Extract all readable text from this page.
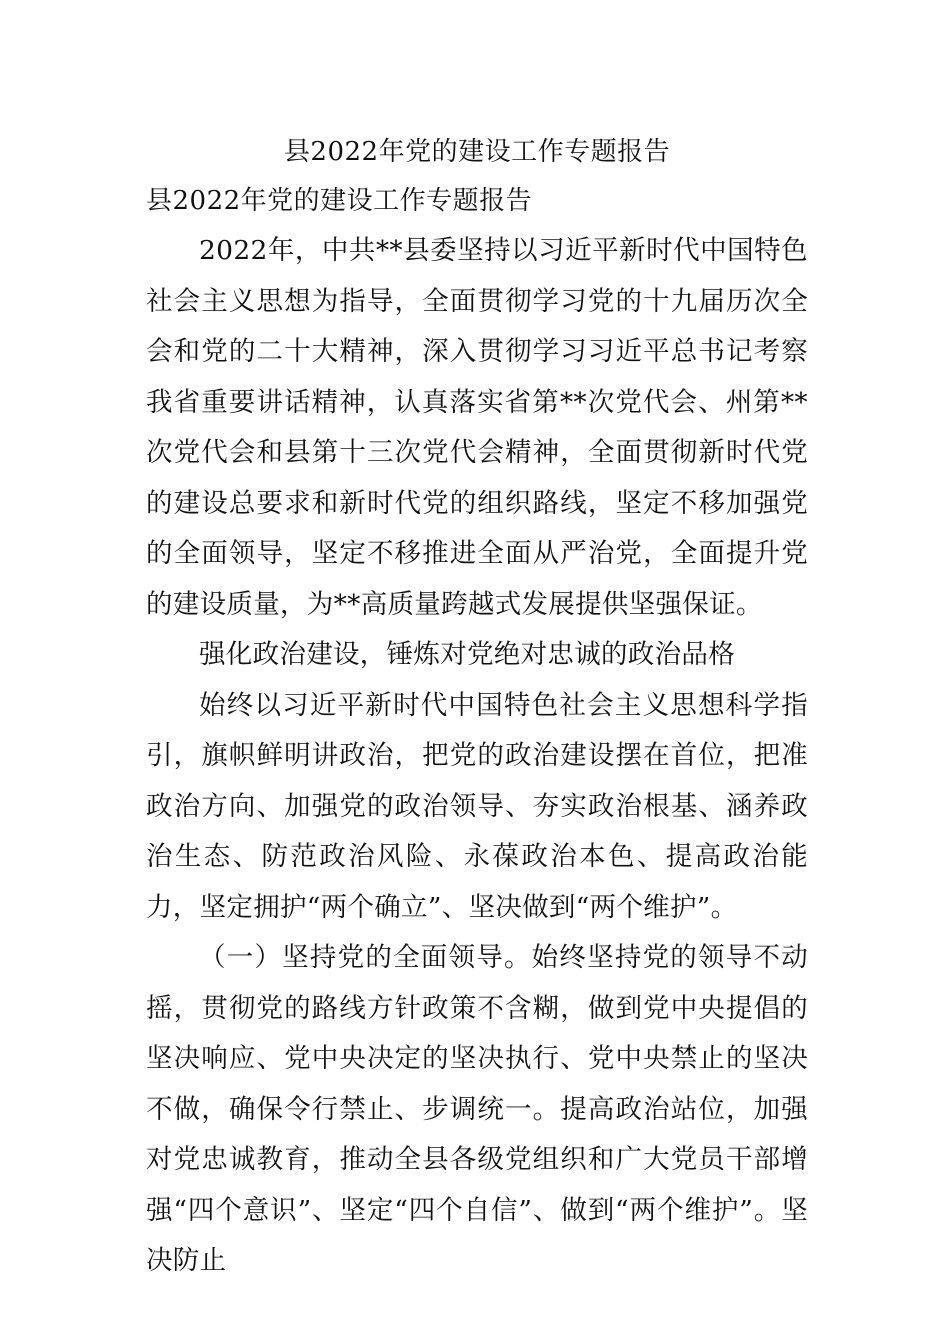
县2022年党的建设工作专题报告
县2022年党的建设工作专题报告

2022年，中共**县委坚持以习近平新时代中国特色社会主义思想为指导，全面贯彻学习党的十九届历次全会和党的二十大精神，深入贯彻学习习近平总书记考察我省重要讲话精神，认真落实省第**次党代会、州第**次党代会和县第十三次党代会精神，全面贯彻新时代党的建设总要求和新时代党的组织路线，坚定不移加强党的全面领导，坚定不移推进全面从严治党，全面提升党的建设质量，为**高质量跨越式发展提供坚强保证。

强化政治建设，锤炼对党绝对忠诚的政治品格

始终以习近平新时代中国特色社会主义思想科学指引，旗帜鲜明讲政治，把党的政治建设摆在首位，把准政治方向、加强党的政治领导、夯实政治根基、涵养政治生态、防范政治风险、永葆政治本色、提高政治能力，坚定拥护“两个确立”、坚决做到“两个维护”。

（一）坚持党的全面领导。始终坚持党的领导不动摇，贯彻党的路线方针政策不含糊，做到党中央提倡的坚决响应、党中央决定的坚决执行、党中央禁止的坚决不做，确保令行禁止、步调统一。提高政治站位，加强对党忠诚教育，推动全县各级党组织和广大党员干部增强“四个意识”、坚定“四个自信”、做到“两个维护”。坚决防止
